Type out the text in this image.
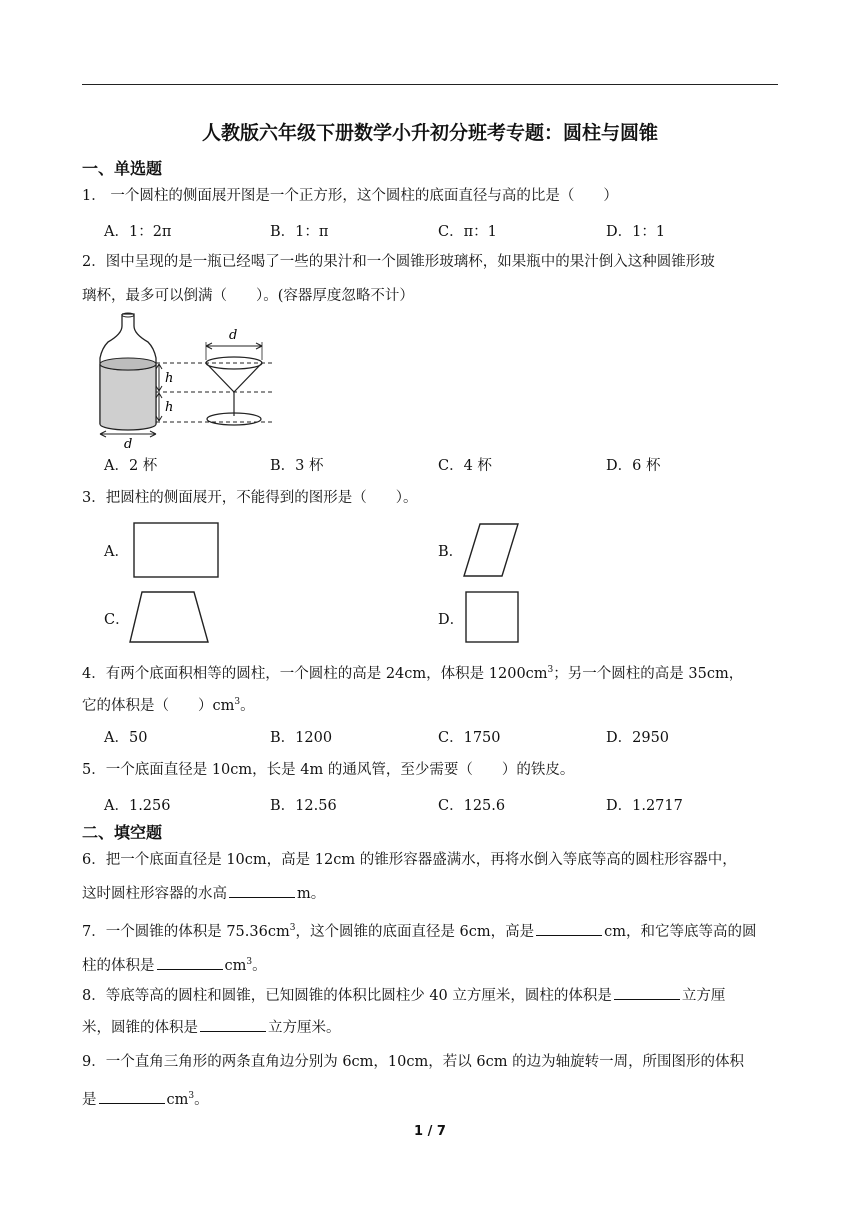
人教版六年级下册数学小升初分班考专题：圆柱与圆锥
一、单选题
1． 一个圆柱的侧面展开图是一个正方形，这个圆柱的底面直径与高的比是（　　）
A．1：2π	B．1：π	C．π：1	D．1：1
2．图中呈现的是一瓶已经喝了一些的果汁和一个圆锥形玻璃杯，如果瓶中的果汁倒入这种圆锥形玻
璃杯，最多可以倒满（　　）。(容器厚度忽略不计）
d
h
h
d
A．2 杯	B．3 杯	C．4 杯	D．6 杯
3．把圆柱的侧面展开，不能得到的图形是（　　）。
A．	B．
C．	D．
4．有两个底面积相等的圆柱，一个圆柱的高是 24cm，体积是 $1200cm^3$；另一个圆柱的高是 35cm，
它的体积是（　　）$cm^3$。
A．50	B．1200	C．1750	D．2950
5．一个底面直径是 10cm，长是 4m 的通风管，至少需要（　　）的铁皮。
A．1.256	B．12.56	C．125.6	D．1.2717
二、填空题
6．把一个底面直径是 10cm，高是 12cm 的锥形容器盛满水，再将水倒入等底等高的圆柱形容器中，
这时圆柱形容器的水高	m。
7．一个圆锥的体积是 $75.36cm^3$，这个圆锥的底面直径是 6cm，高是	cm，和它等底等高的圆
柱的体积是	$cm^3$。
8．等底等高的圆柱和圆锥，已知圆锥的体积比圆柱少 40 立方厘米，圆柱的体积是	立方厘
米，圆锥的体积是	立方厘米。
9．一个直角三角形的两条直角边分别为 6cm，10cm，若以 6cm 的边为轴旋转一周，所围图形的体积
是	$cm^3$。
1 / 7
